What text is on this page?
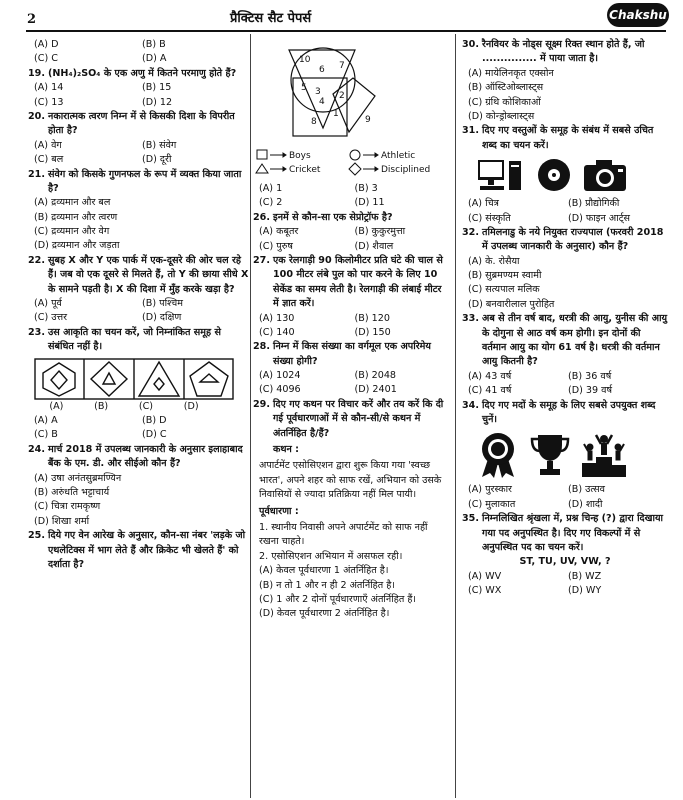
2	प्रैक्टिस सैट पेपर्स	Chakshu
(A) D	(B) B
(C) C	(D) A
19. (NH₄)₂SO₄ के एक अणु में कितने परमाणु होते हैं?
(A) 14	(B) 15
(C) 13	(D) 12
20. नकारात्मक त्वरण निम्न में से किसकी दिशा के विपरीत होता है?
(A) वेग	(B) संवेग
(C) बल	(D) दूरी
21. संवेग को किसके गुणनफल के रूप में व्यक्त किया जाता है?
(A) द्रव्यमान और बल
(B) द्रव्यमान और त्वरण
(C) द्रव्यमान और वेग
(D) द्रव्यमान और जड़ता
22. सुबह X और Y एक पार्क में एक-दूसरे की ओर चल रहे हैं। जब वो एक दूसरे से मिलते हैं, तो Y की छाया सीधे X के सामने पड़ती है। X की दिशा में मुँह करके खड़ा है?
(A) पूर्व	(B) पश्चिम
(C) उत्तर	(D) दक्षिण
23. उस आकृति का चयन करें, जो निम्नांकित समूह से संबंधित नहीं है।
(A)	(B)	(C)	(D)
(A) A	(B) D
(C) B	(D) C
24. मार्च 2018 में उपलब्ध जानकारी के अनुसार इलाहाबाद बैंक के एम. डी. और सीईओ कौन हैं?
(A) उषा अनंतसुब्रमण्यिन
(B) अरुंधति भट्टाचार्य
(C) चित्रा रामकृष्ण
(D) शिखा शर्मा
25. दिये गए वेन आरेख के अनुसार, कौन-सा नंबर 'लड़के जो एथलेटिक्स में भाग लेते हैं और क्रिकेट भी खेलते हैं' को दर्शाता है?
10
6 7
5 3
4
2
8
1
9
Boys	Athletic
Cricket	Disciplined
(A) 1	(B) 3
(C) 2	(D) 11
26. इनमें से कौन-सा एक सेप्रोट्रॉफ है?
(A) कबूतर	(B) कुकुरमुत्ता
(C) पुरुष	(D) शैवाल
27. एक रेलगाड़ी 90 किलोमीटर प्रति घंटे की चाल से 100 मीटर लंबे पुल को पार करने के लिए 10 सेकेंड का समय लेती है। रेलगाड़ी की लंबाई मीटर में ज्ञात करें।
(A) 130	(B) 120
(C) 140	(D) 150
28. निम्न में किस संख्या का वर्गमूल एक अपरिमेय संख्या होगी?
(A) 1024	(B) 2048
(C) 4096	(D) 2401
29. दिए गए कथन पर विचार करें और तय करें कि दी गई पूर्वधारणाओं में से कौन-सी/से कथन में अंतर्निहित है/हैं?
कथन :
अपार्टमेंट एसोसिएशन द्वारा शुरू किया गया 'स्वच्छ भारत', अपने शहर को साफ रखें, अभियान को उसके निवासियों से ज्यादा प्रतिक्रिया नहीं मिल पायी।
पूर्वधारणा :
1. स्थानीय निवासी अपने अपार्टमेंट को साफ नहीं रखना चाहते।
2. एसोसिएशन अभियान में असफल रही।
(A) केवल पूर्वधारणा 1 अंतर्निहित है।
(B) न तो 1 और न ही 2 अंतर्निहित है।
(C) 1 और 2 दोनों पूर्वधारणाएँ अंतर्निहित हैं।
(D) केवल पूर्वधारणा 2 अंतर्निहित है।
30. रैनवियर के नोड्स सूक्ष्म रिक्त स्थान होते हैं, जो ............... में पाया जाता है।
(A) मायेलिनकृत एक्सोन
(B) ऑस्टिओब्लास्ट्स
(C) ग्रंथि कोशिकाओं
(D) कोन्ड्रोब्लास्ट्स
31. दिए गए वस्तुओं के समूह के संबंध में सबसे उचित शब्द का चयन करें।
(A) चित्र	(B) प्रौद्योगिकी
(C) संस्कृति	(D) फाइन आर्ट्स
32. तमिलनाडु के नये नियुक्त राज्यपाल (फरवरी 2018 में उपलब्ध जानकारी के अनुसार) कौन हैं?
(A) के. रोसैया
(B) सुब्रमण्यम स्वामी
(C) सत्यपाल मलिक
(D) बनवारीलाल पुरोहित
33. अब से तीन वर्ष बाद, धरत्री की आयु, युनीस की आयु के दोगुना से आठ वर्ष कम होगी। इन दोनों की वर्तमान आयु का योग 61 वर्ष है। धरत्री की वर्तमान आयु कितनी है?
(A) 43 वर्ष	(B) 36 वर्ष
(C) 41 वर्ष	(D) 39 वर्ष
34. दिए गए मदों के समूह के लिए सबसे उपयुक्त शब्द चुनें।
(A) पुरस्कार	(B) उत्सव
(C) मुलाकात	(D) शादी
35. निम्नलिखित श्रृंखला में, प्रश्न चिन्ह (?) द्वारा दिखाया गया पद अनुपस्थित है। दिए गए विकल्पों में से अनुपस्थित पद का चयन करें।
ST, TU, UV, VW, ?
(A) WV	(B) WZ
(C) WX	(D) WY
